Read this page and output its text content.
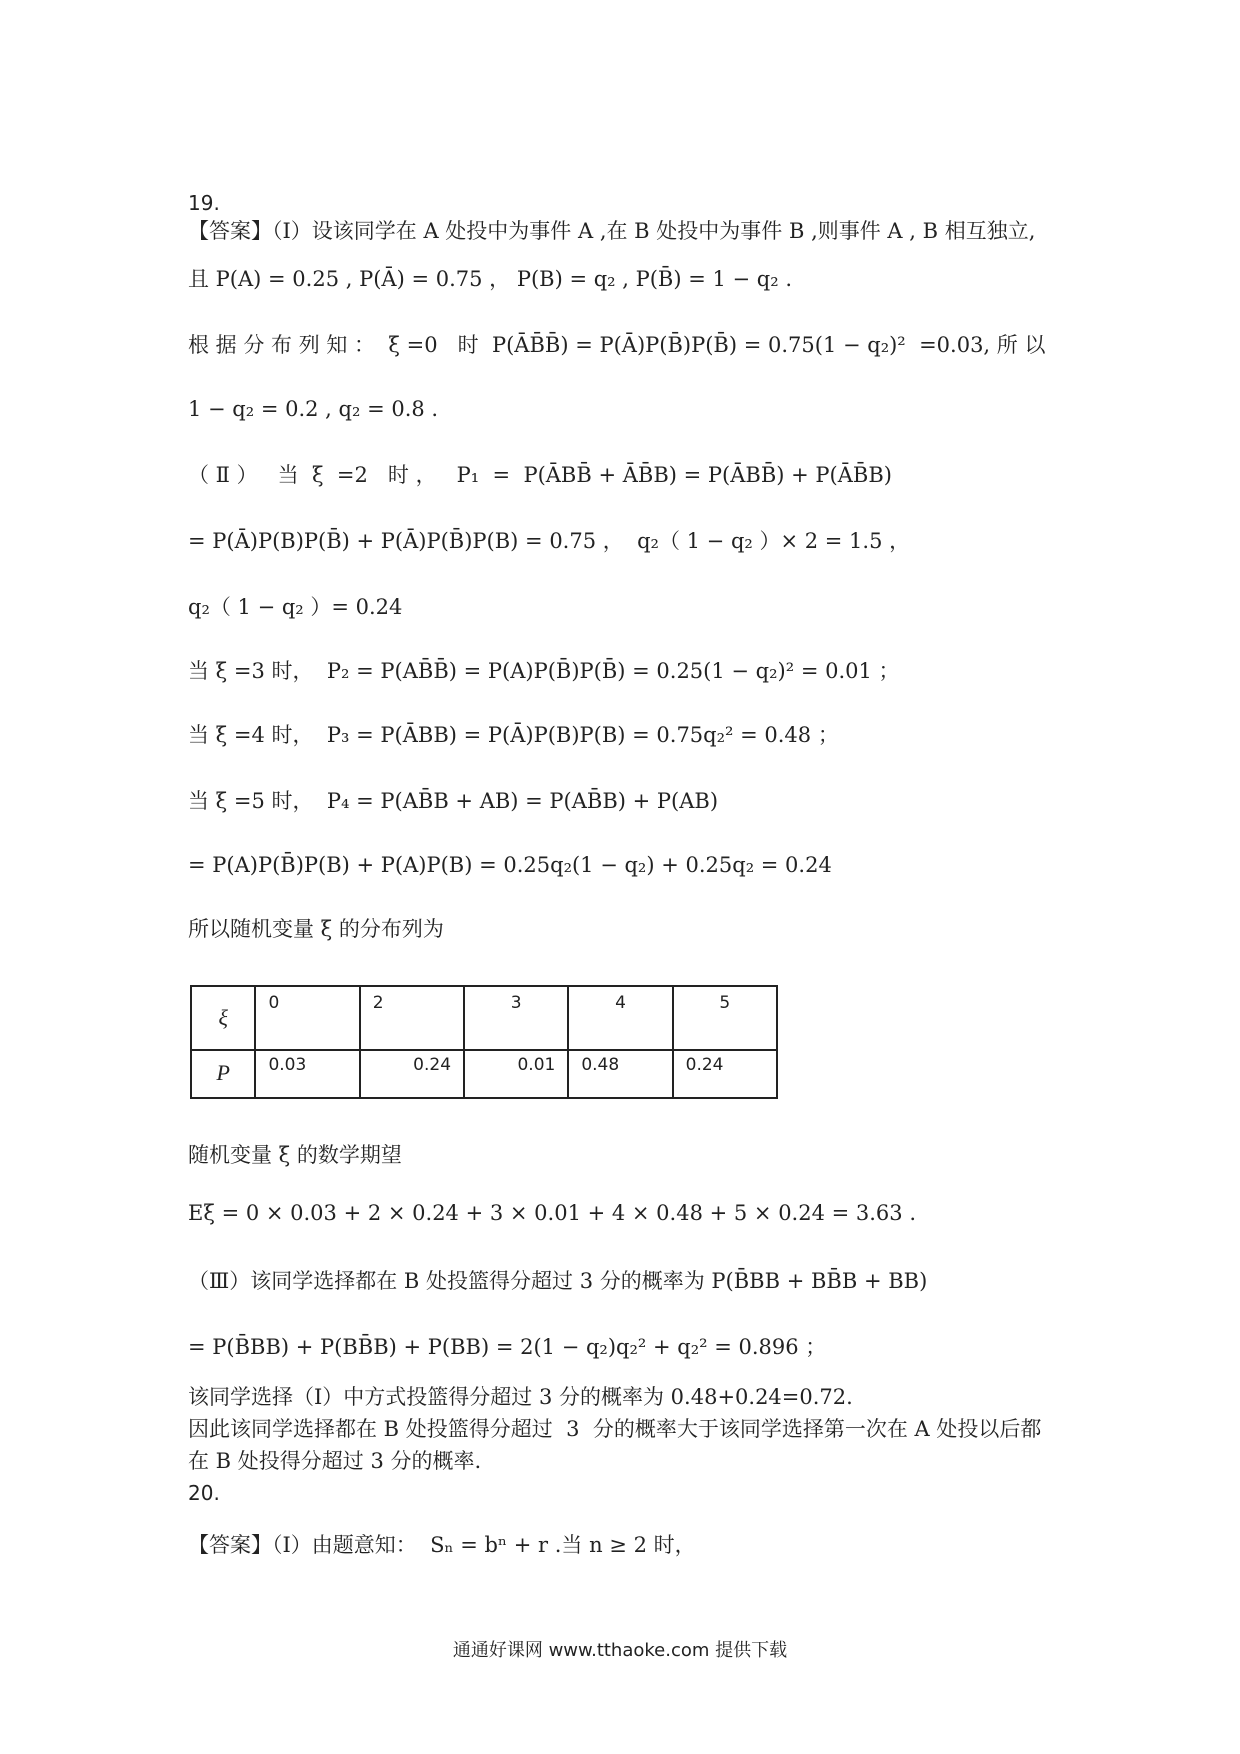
19.
【答案】（I）设该同学在 A 处投中为事件 A ,在 B 处投中为事件 B ,则事件 A , B 相互独立,
且 P(A) = 0.25 , P(Ā) = 0.75 ， P(B) = q₂ , P(B̄) = 1 − q₂ .
根 据 分 布 列 知 ：  ξ =0   时  P(ĀB̄B̄) = P(Ā)P(B̄)P(B̄) = 0.75(1 − q₂)²  =0.03, 所 以
1 − q₂ = 0.2 , q₂ = 0.8 .
（ Ⅱ ）   当  ξ  =2   时 ，   P₁  =  P(ĀBB̄ + ĀB̄B) = P(ĀBB̄) + P(ĀB̄B)
= P(Ā)P(B)P(B̄) + P(Ā)P(B̄)P(B) = 0.75 ，  q₂（ 1 − q₂ ）× 2 = 1.5 ，
q₂（ 1 − q₂ ）= 0.24
当 ξ =3 时，  P₂ = P(AB̄B̄) = P(A)P(B̄)P(B̄) = 0.25(1 − q₂)² = 0.01 ；
当 ξ =4 时，  P₃ = P(ĀBB) = P(Ā)P(B)P(B) = 0.75q₂² = 0.48 ；
当 ξ =5 时，  P₄ = P(AB̄B + AB) = P(AB̄B) + P(AB)
= P(A)P(B̄)P(B) + P(A)P(B) = 0.25q₂(1 − q₂) + 0.25q₂ = 0.24
所以随机变量 ξ 的分布列为
ξ	0	2	3	4	5
P	0.03	0.24	0.01	0.48	0.24
随机变量 ξ 的数学期望
Eξ = 0 × 0.03 + 2 × 0.24 + 3 × 0.01 + 4 × 0.48 + 5 × 0.24 = 3.63 .
（Ⅲ）该同学选择都在 B 处投篮得分超过 3 分的概率为 P(B̄BB + BB̄B + BB)
= P(B̄BB) + P(BB̄B) + P(BB) = 2(1 − q₂)q₂² + q₂² = 0.896 ；
该同学选择（I）中方式投篮得分超过 3 分的概率为 0.48+0.24=0.72.
因此该同学选择都在 B 处投篮得分超过  3  分的概率大于该同学选择第一次在 A 处投以后都
在 B 处投得分超过 3 分的概率.
20.
【答案】（I）由题意知：  Sₙ = bⁿ + r .当 n ≥ 2 时，
通通好课网 www.tthaoke.com 提供下载
